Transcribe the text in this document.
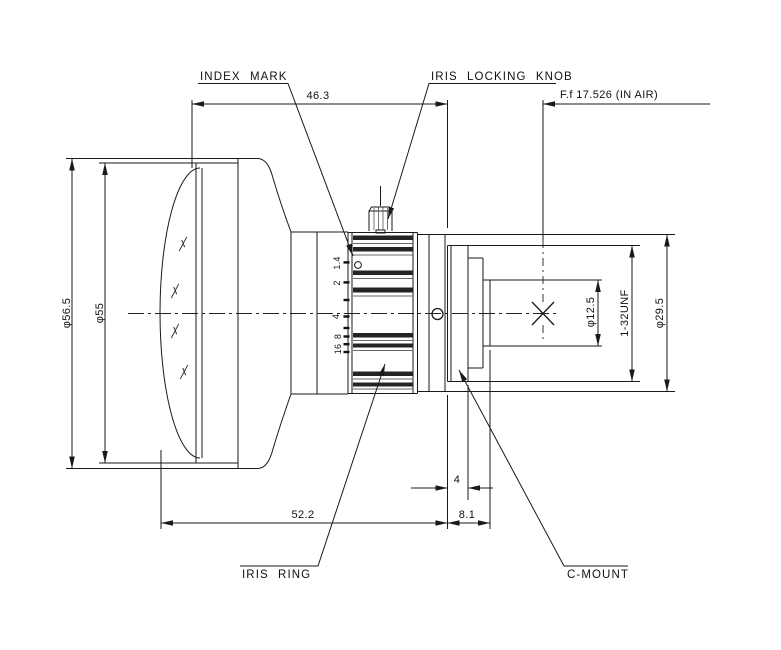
46.3	F.f 17.526 (IN AIR)
φ56.5 φ55	φ12.5 1-32UNF φ29.5
52.2	8.1
4
1.4
2
4
8
16
INDEX MARK	IRIS LOCKING KNOB
IRIS RING	C-MOUNT
